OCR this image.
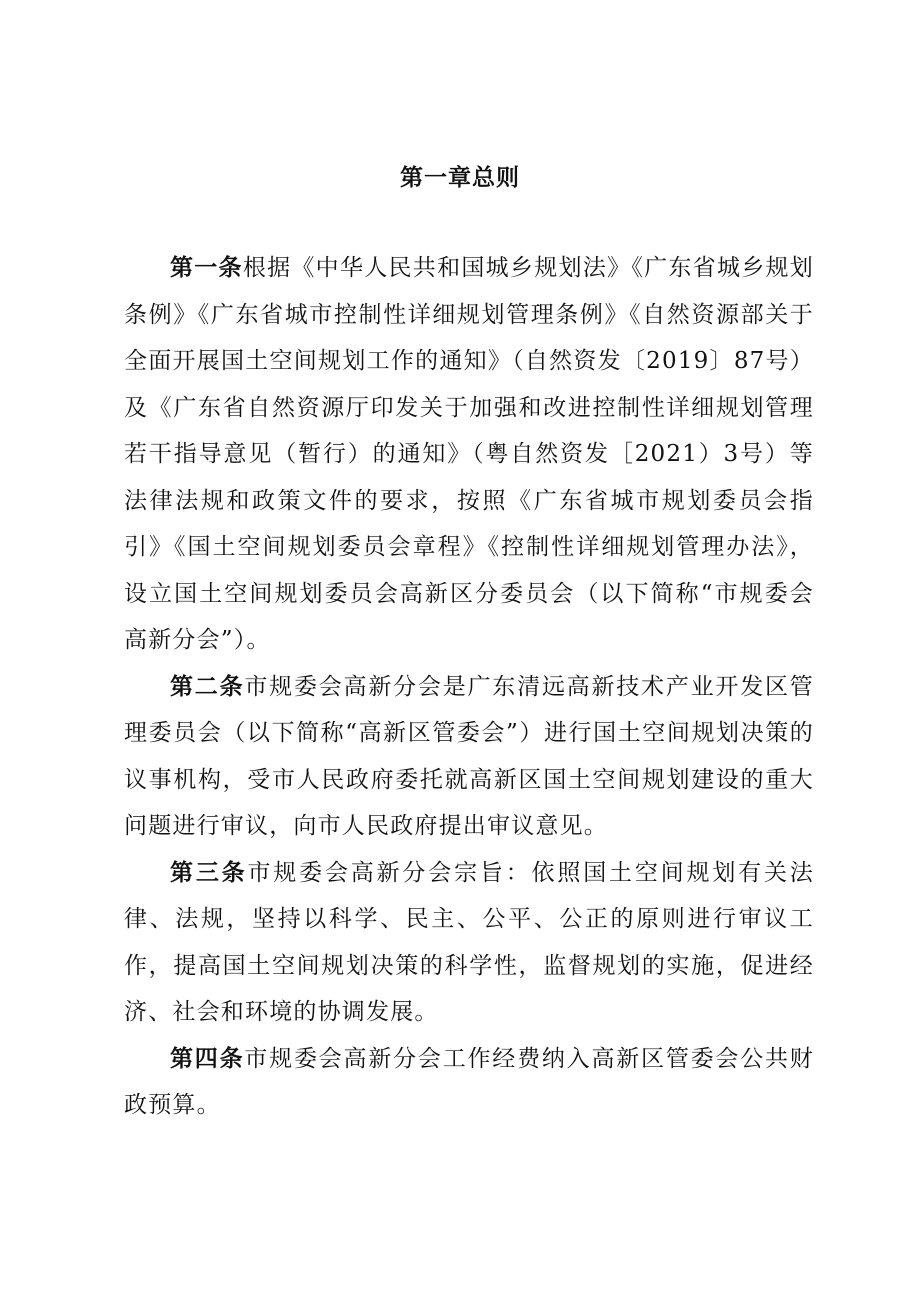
第一章总则

第一条根据《中华人民共和国城乡规划法》《广东省城乡规划条例》《广东省城市控制性详细规划管理条例》《自然资源部关于全面开展国土空间规划工作的通知》（自然资发〔2019〕87号）及《广东省自然资源厅印发关于加强和改进控制性详细规划管理若干指导意见（暂行）的通知》（粤自然资发［2021）3号）等法律法规和政策文件的要求，按照《广东省城市规划委员会指引》《国土空间规划委员会章程》《控制性详细规划管理办法》，设立国土空间规划委员会高新区分委员会（以下简称“市规委会高新分会”）。

第二条市规委会高新分会是广东清远高新技术产业开发区管理委员会（以下简称“高新区管委会”）进行国土空间规划决策的议事机构，受市人民政府委托就高新区国土空间规划建设的重大问题进行审议，向市人民政府提出审议意见。

第三条市规委会高新分会宗旨：依照国土空间规划有关法律、法规，坚持以科学、民主、公平、公正的原则进行审议工作，提高国土空间规划决策的科学性，监督规划的实施，促进经济、社会和环境的协调发展。

第四条市规委会高新分会工作经费纳入高新区管委会公共财政预算。
